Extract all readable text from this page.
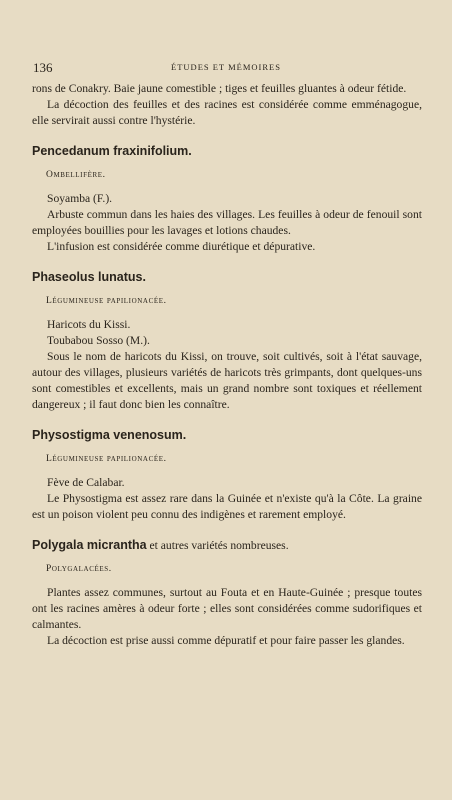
136	ÉTUDES ET MÉMOIRES

rons de Conakry. Baie jaune comestible ; tiges et feuilles gluantes à odeur fétide.

La décoction des feuilles et des racines est considérée comme emménagogue, elle servirait aussi contre l'hystérie.

Pencedanum fraxinifolium.
Ombellifère.

Soyamba (F.).

Arbuste commun dans les haies des villages. Les feuilles à odeur de fenouil sont employées bouillies pour les lavages et lotions chaudes.

L'infusion est considérée comme diurétique et dépurative.

Phaseolus lunatus.
Légumineuse papilionacée.

Haricots du Kissi.

Toubabou Sosso (M.).

Sous le nom de haricots du Kissi, on trouve, soit cultivés, soit à l'état sauvage, autour des villages, plusieurs variétés de haricots très grimpants, dont quelques-uns sont comestibles et excellents, mais un grand nombre sont toxiques et réellement dangereux ; il faut donc bien les connaître.

Physostigma venenosum.
Légumineuse papilionacée.

Fève de Calabar.

Le Physostigma est assez rare dans la Guinée et n'existe qu'à la Côte. La graine est un poison violent peu connu des indigènes et rarement employé.

Polygala micrantha et autres variétés nombreuses.
Polygalacées.

Plantes assez communes, surtout au Fouta et en Haute-Guinée ; presque toutes ont les racines amères à odeur forte ; elles sont considérées comme sudorifiques et calmantes.

La décoction est prise aussi comme dépuratif et pour faire passer les glandes.
